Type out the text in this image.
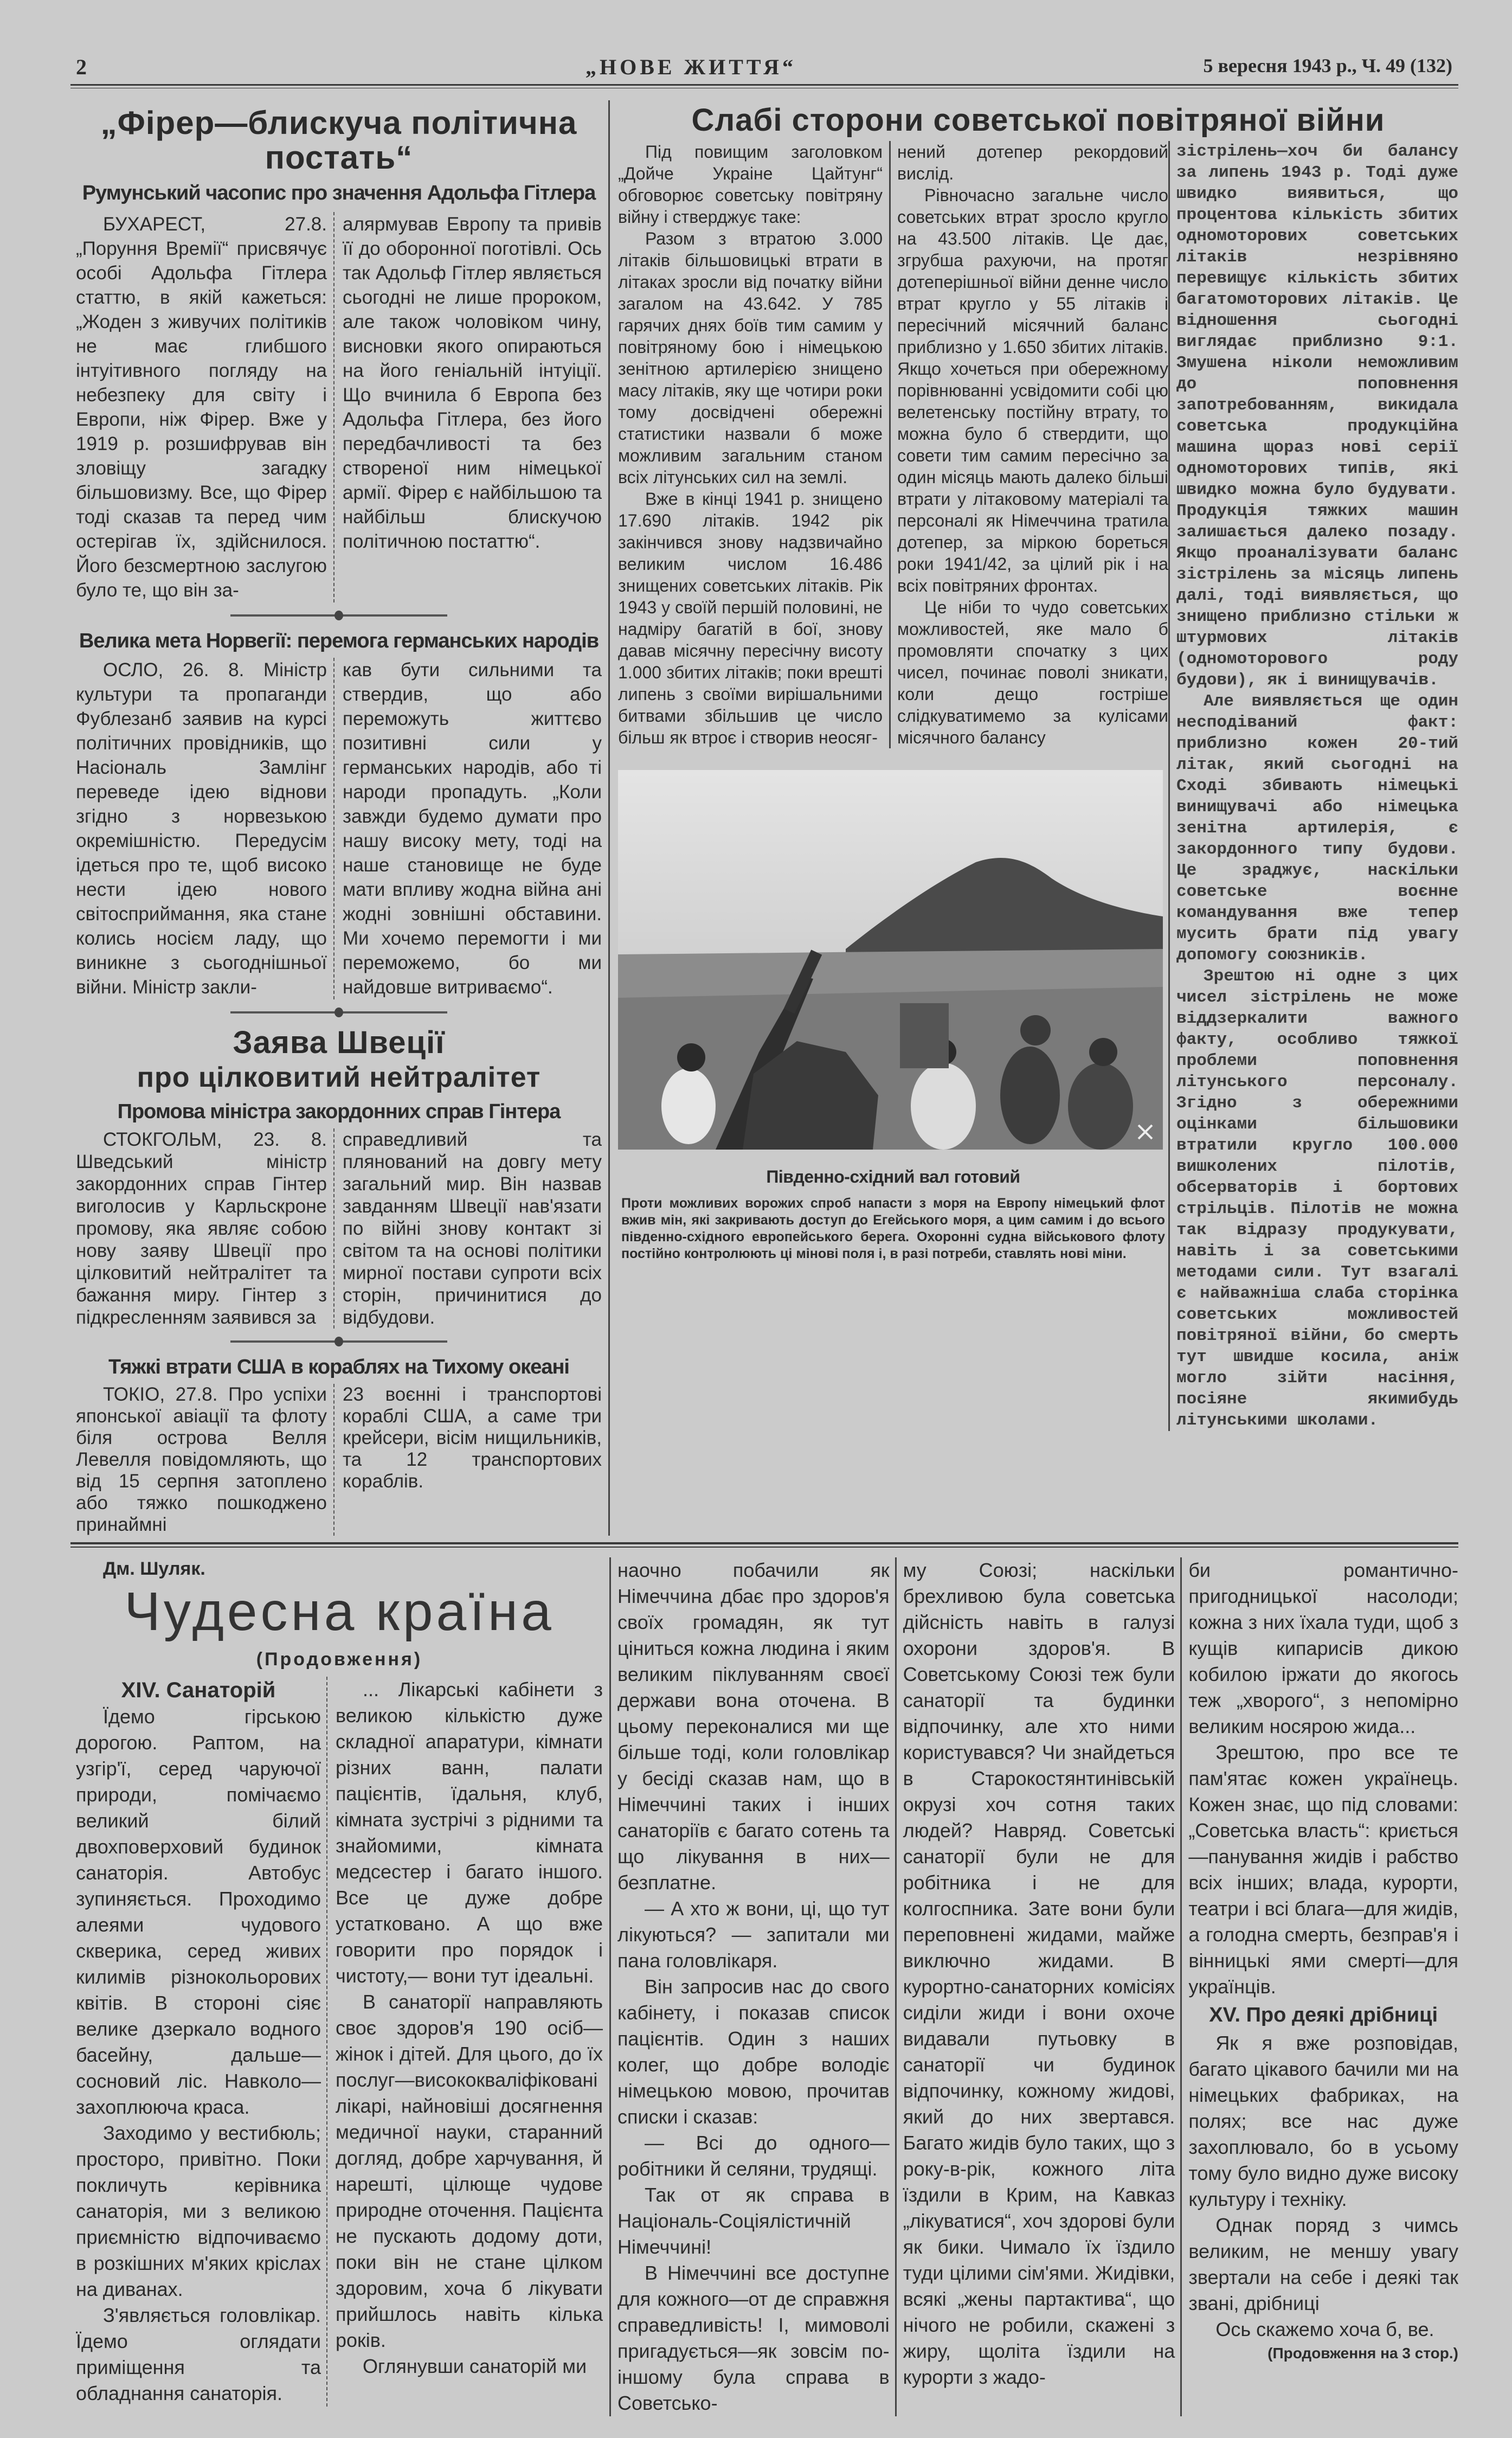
2	„НОВЕ ЖИТТЯ“	5 вересня 1943 р., Ч. 49 (132)
„Фірер—блискуча політична
постать“
Румунський часопис про значення Адольфа Гітлера

БУХАРЕСТ, 27.8. „Поруння Времії“ присвячує особі Адольфа Гітлера статтю, в якій кажеться: „Жоден з живучих політиків не має глибшого інтуітивного погляду на небезпеку для світу і Европи, ніж Фірер. Вже у 1919 р. розшифрував він зловіщу загадку більшовизму. Все, що Фірер тоді сказав та перед чим остерігав їх, здійснилося. Його безсмертною заслугою було те, що він за-

алярмував Европу та привів її до оборонної поготівлі. Ось так Адольф Гітлер являється сьогодні не лише пророком, але також чоловіком чину, висновки якого опираються на його геніальній інтуіції. Що вчинила б Европа без Адольфа Гітлера, без його передбачливості та без створеної ним німецької армії. Фірер є найбільшою та найбільш блискучою політичною постаттю“.

Велика мета Норвегії: перемога германських народів

ОСЛО, 26. 8. Міністр культури та пропаганди Фублезанб заявив на курсі політичних провідників, що Насіональ Замлінг переведе ідею віднови згідно з норвезькою окремішністю. Передусім ідеться про те, щоб високо нести ідею нового світосприймання, яка стане колись носієм ладу, що виникне з сьогоднішньої війни. Міністр закли-

кав бути сильними та ствердив, що або переможуть життєво позитивні сили у германських народів, або ті народи пропадуть. „Коли завжди будемо думати про нашу високу мету, тоді на наше становище не буде мати впливу жодна війна ані жодні зовнішні обставини. Ми хочемо перемогти і ми переможемо, бо ми найдовше витриваємо“.

Заява Швеції
про цілковитий нейтралітет
Промова міністра закордонних справ Гінтера

СТОКГОЛЬМ, 23. 8. Шведський міністр закордонних справ Гінтер виголосив у Карльскроне промову, яка являє собою нову заяву Швеції про цілковитий нейтралітет та бажання миру. Гінтер з підкресленням заявився за

справедливий та плянований на довгу мету загальний мир. Він назвав завданням Швеції нав'язати по війні знову контакт зі світом та на основі політики мирної постави супроти всіх сторін, причинитися до відбудови.

Тяжкі втрати США в кораблях на Тихому океані

ТОКІО, 27.8. Про успіхи японської авіації та флоту біля острова Велля Левелля повідомляють, що від 15 серпня затоплено або тяжко пошкоджено принаймні

23 воєнні і транспортові кораблі США, а саме три крейсери, вісім нищильників, та 12 транспортових кораблів.

Слабі сторони советської повітряної війни

Під повищим заголовком „Дойче Украіне Цайтунг“ обговорює советську повітряну війну і стверджує таке:

Разом з втратою 3.000 літаків більшовицькі втрати в літаках зросли від початку війни загалом на 43.642. У 785 гарячих днях боїв тим самим у повітряному бою і німецькою зенітною артилерією знищено масу літаків, яку ще чотири роки тому досвідчені обережні статистики назвали б може можливим загальним станом всіх літунських сил на землі.

Вже в кінці 1941 р. знищено 17.690 літаків. 1942 рік закінчився знову надзвичайно великим числом 16.486 знищених советських літаків. Рік 1943 у своїй першій половині, не надміру багатій в бої, знову давав місячну пересічну висоту 1.000 збитих літаків; поки врешті липень з своїми вирішальними битвами збільшив це число більш як втроє і створив неосяг-

нений дотепер рекордовий вислід.

Рівночасно загальне число советських втрат зросло кругло на 43.500 літаків. Це дає, згрубша рахуючи, на протяг дотеперішньої війни денне число втрат кругло у 55 літаків і пересічний місячний баланс приблизно у 1.650 збитих літаків. Якщо хочеться при обережному порівнюванні усвідомити собі цю велетенську постійну втрату, то можна було б ствердити, що совети тим самим пересічно за один місяць мають далеко більші втрати у літаковому матеріалі та персоналі як Німеччина тратила дотепер, за міркою бореться роки 1941/42, за цілий рік і на всіх повітряних фронтах.

Це ніби то чудо советських можливостей, яке мало б промовляти спочатку з цих чисел, починає поволі зникати, коли дещо гостріше слідкуватимемо за кулісами місячного балансу

Південно-східний вал готовий
Проти можливих ворожих спроб напасти з моря на Европу німецький флот вжив мін, які закривають доступ до Егейського моря, а цим самим і до всього південно-східного европейського берега. Охоронні судна військового флоту постійно контролюють ці мінові поля і, в разі потреби, ставлять нові міни.

зістрілень—хоч би балансу за липень 1943 р. Тоді дуже швидко виявиться, що процентова кількість збитих одномоторових советських літаків незрівняно перевищує кількість збитих багатомоторових літаків. Це відношення сьогодні виглядає приблизно 9:1. Змушена ніколи неможливим до поповнення запотребованням, викидала советська продукційна машина щораз нові серії одномоторових типів, які швидко можна було будувати. Продукція тяжких машин залишається далеко позаду. Якщо проаналізувати баланс зістрілень за місяць липень далі, тоді виявляється, що знищено приблизно стільки ж штурмових літаків (одномоторового роду будови), як і винищувачів.

Але виявляється ще один несподіваний факт: приблизно кожен 20-тий літак, який сьогодні на Сході збивають німецькі винищувачі або німецька зенітна артилерія, є закордонного типу будови. Це зраджує, наскільки советське воєнне командування вже тепер мусить брати під увагу допомогу союзників.

Зрештою ні одне з цих чисел зістрілень не може віддзеркалити важного факту, особливо тяжкої проблеми поповнення літунського персоналу. Згідно з обережними оцінками більшовики втратили кругло 100.000 вишколених пілотів, обсерваторів і бортових стрільців. Пілотів не можна так відразу продукувати, навіть і за советськими методами сили. Тут взагалі є найважніша слаба сторінка советських можливостей повітряної війни, бо смерть тут швидше косила, аніж могло зійти насіння, посіяне якимибудь літунськими школами.

Дм. Шуляк.
Чудесна країна
(Продовження)
XIV. Санаторій

Їдемо гірською дорогою. Раптом, на узгір'ї, серед чаруючої природи, помічаємо великий білий двохповерховий будинок санаторія. Автобус зупиняється. Проходимо алеями чудового скверика, серед живих килимів різнокольорових квітів. В стороні сіяє велике дзеркало водного басейну, дальше—сосновий ліс. Навколо—захоплююча краса.

Заходимо у вестибюль; просторо, привітно. Поки покличуть керівника санаторія, ми з великою приємністю відпочиваємо в розкішних м'яких кріслах на диванах.

З'являється головлікар. Їдемо оглядати приміщення та обладнання санаторія.

... Лікарські кабінети з великою кількістю дуже складної апаратури, кімнати різних ванн, палати пацієнтів, їдальня, клуб, кімната зустрічі з рідними та знайомими, кімната медсестер і багато іншого. Все це дуже добре устатковано. А що вже говорити про порядок і чистоту,— вони тут ідеальні.

В санаторії направляють своє здоров'я 190 осіб—жінок і дітей. Для цього, до їх послуг—висококваліфіковані лікарі, найновіші досягнення медичної науки, старанний догляд, добре харчування, й нарешті, цілюще чудове природне оточення. Пацієнта не пускають додому доти, поки він не стане цілком здоровим, хоча б лікувати прийшлось навіть кілька років.

Оглянувши санаторій ми

наочно побачили як Німеччина дбає про здоров'я своїх громадян, як тут ціниться кожна людина і яким великим піклуванням своєї держави вона оточена. В цьому переконалися ми ще більше тоді, коли головлікар у бесіді сказав нам, що в Німеччині таких і інших санаторіїв є багато сотень та що лікування в них—безплатне.

— А хто ж вони, ці, що тут лікуються? — запитали ми пана головлікаря.

Він запросив нас до свого кабінету, і показав список пацієнтів. Один з наших колег, що добре володіє німецькою мовою, прочитав списки і сказав:

— Всі до одного—робітники й селяни, трудящі.

Так от як справа в Національ-Соціялістичній Німеччині!

В Німеччині все доступне для кожного—от де справжня справедливість! І, мимоволі пригадується—як зовсім по-іншому була справа в Советсько-

му Союзі; наскільки брехливою була советська дійсність навіть в галузі охорони здоров'я. В Советському Союзі теж були санаторії та будинки відпочинку, але хто ними користувався? Чи знайдеться в Старокостянтинівській окрузі хоч сотня таких людей? Навряд. Советські санаторії були не для робітника і не для колгоспника. Зате вони були переповнені жидами, майже виключно жидами. В курортно-санаторних комісіях сиділи жиди і вони охоче видавали путьовку в санаторії чи будинок відпочинку, кожному жидові, який до них звертався. Багато жидів було таких, що з року-в-рік, кожного літа їздили в Крим, на Кавказ „лікуватися“, хоч здорові були як бики. Чимало їх їздило туди цілими сім'ями. Жидівки, всякі „жены партактива“, що нічого не робили, скажені з жиру, щоліта їздили на курорти з жадо-

би романтично-пригодницької насолоди; кожна з них їхала туди, щоб з кущів кипарисів дикою кобилою іржати до якогось теж „хворого“, з непомірно великим носярою жида...

Зрештою, про все те пам'ятає кожен українець. Кожен знає, що під словами: „Советська власть“: криється—панування жидів і рабство всіх інших; влада, курорти, театри і всі блага—для жидів, а голодна смерть, безправ'я і вінницькі ями смерті—для українців.

XV. Про деякі дрібниці

Як я вже розповідав, багато цікавого бачили ми на німецьких фабриках, на полях; все нас дуже захоплювало, бо в усьому тому було видно дуже високу культуру і техніку.

Однак поряд з чимсь великим, не меншу увагу звертали на себе і деякі так звані, дрібниці

Ось скажемо хоча б, ве.

(Продовження на 3 стор.)
